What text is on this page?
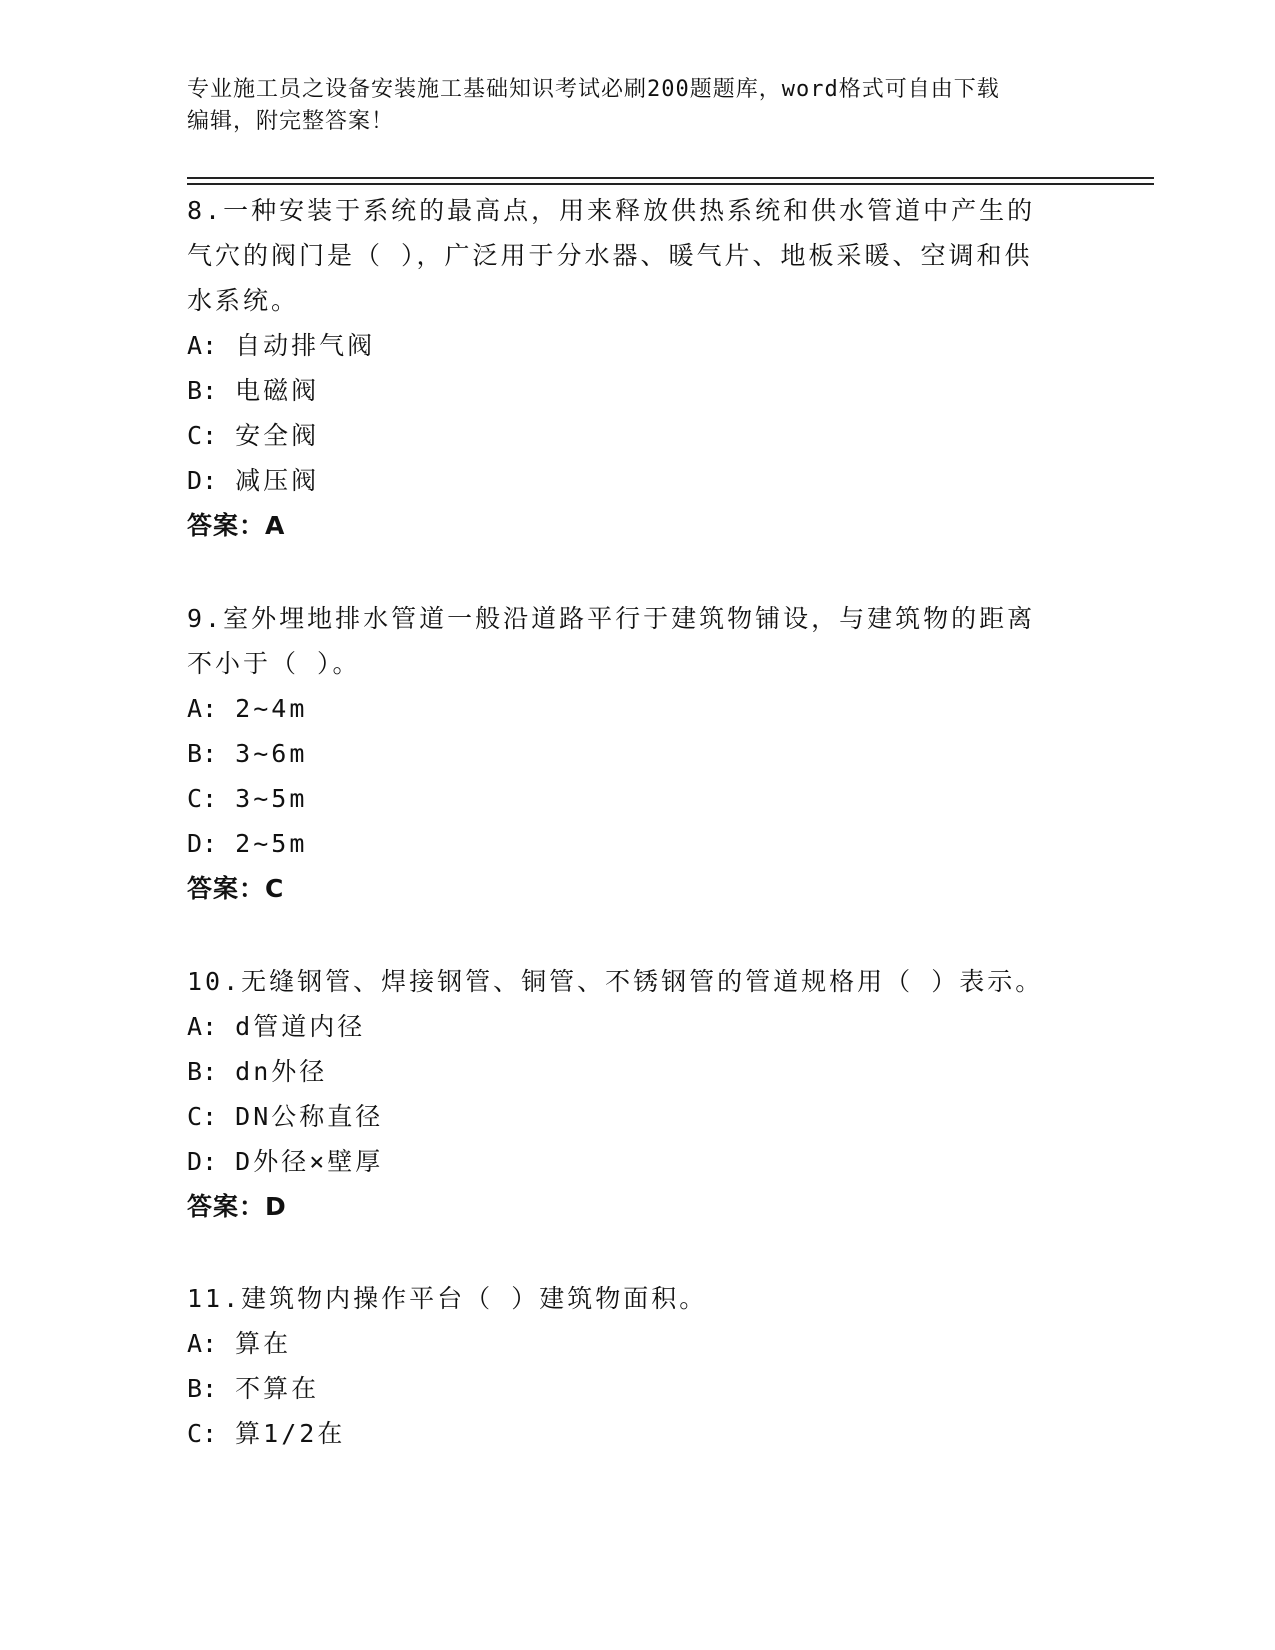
专业施工员之设备安装施工基础知识考试必刷200题题库，word格式可自由下载
编辑，附完整答案！
8.一种安装于系统的最高点，用来释放供热系统和供水管道中产生的
气穴的阀门是（ ），广泛用于分水器、暖气片、地板采暖、空调和供
水系统。
A: 自动排气阀
B: 电磁阀
C: 安全阀
D: 减压阀
答案：A
9.室外埋地排水管道一般沿道路平行于建筑物铺设，与建筑物的距离
不小于（ ）。
A: 2~4m
B: 3~6m
C: 3~5m
D: 2~5m
答案：C
10.无缝钢管、焊接钢管、铜管、不锈钢管的管道规格用（ ）表示。
A: d管道内径
B: dn外径
C: DN公称直径
D: D外径×壁厚
答案：D
11.建筑物内操作平台（ ）建筑物面积。
A: 算在
B: 不算在
C: 算1/2在
